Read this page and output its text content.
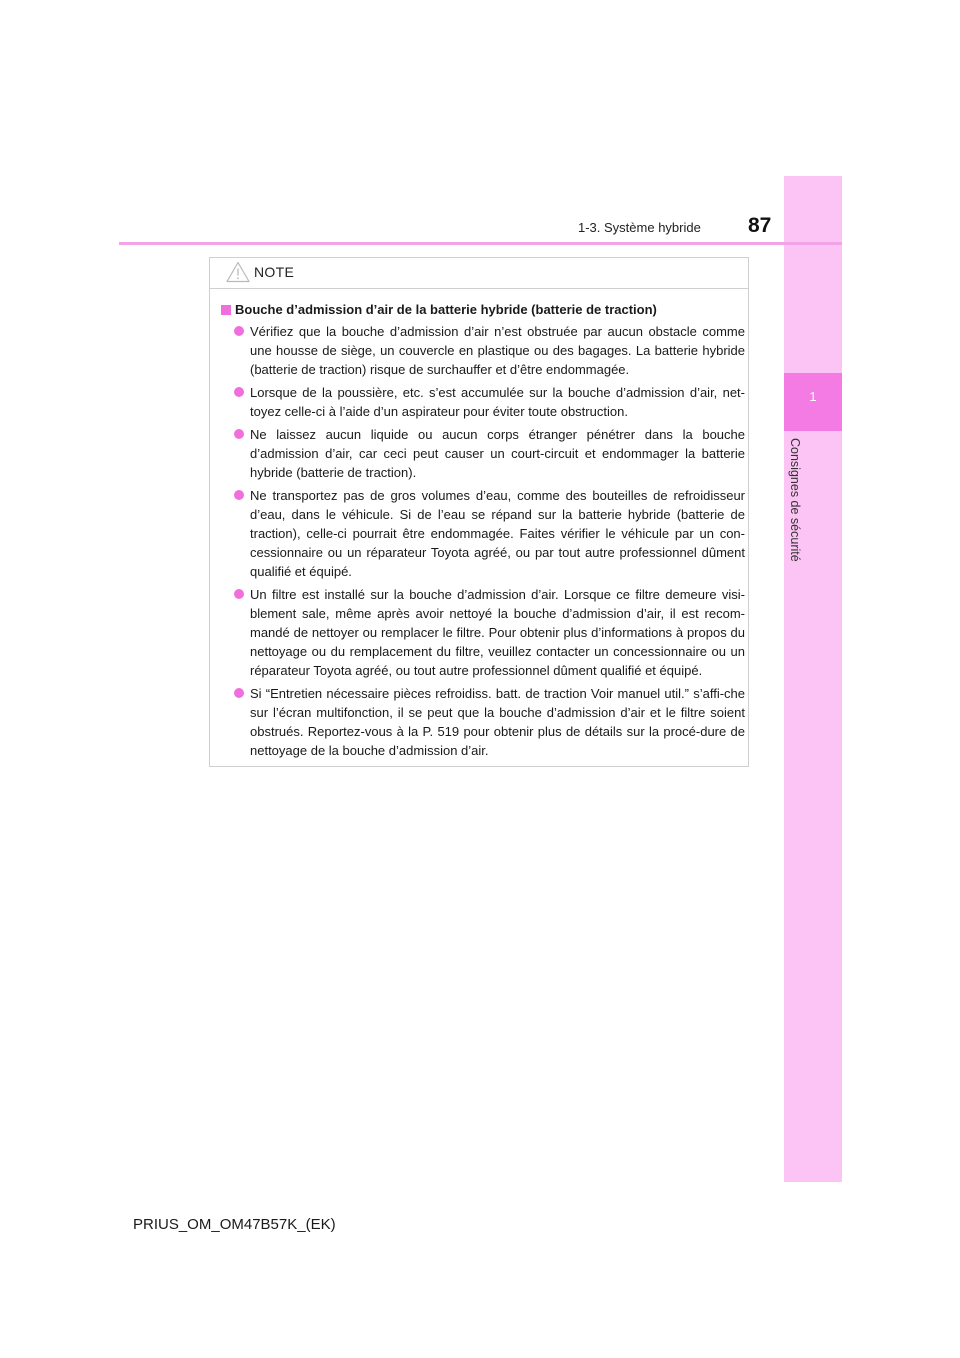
1
Consignes de sécurité
1-3. Système hybride 87
NOTE
Bouche d’admission d’air de la batterie hybride (batterie de traction)
Vérifiez que la bouche d’admission d’air n’est obstruée par aucun obstacle comme une housse de siège, un couvercle en plastique ou des bagages. La batterie hybride (batterie de traction) risque de surchauffer et d’être endommagée.
Lorsque de la poussière, etc. s’est accumulée sur la bouche d’admission d’air, net-toyez celle-ci à l’aide d’un aspirateur pour éviter toute obstruction.
Ne laissez aucun liquide ou aucun corps étranger pénétrer dans la bouche d’admission d’air, car ceci peut causer un court-circuit et endommager la batterie hybride (batterie de traction).
Ne transportez pas de gros volumes d’eau, comme des bouteilles de refroidisseur d’eau, dans le véhicule. Si de l’eau se répand sur la batterie hybride (batterie de traction), celle-ci pourrait être endommagée. Faites vérifier le véhicule par un con-cessionnaire ou un réparateur Toyota agréé, ou par tout autre professionnel dûment qualifié et équipé.
Un filtre est installé sur la bouche d’admission d’air. Lorsque ce filtre demeure visi-blement sale, même après avoir nettoyé la bouche d’admission d’air, il est recom-mandé de nettoyer ou remplacer le filtre. Pour obtenir plus d’informations à propos du nettoyage ou du remplacement du filtre, veuillez contacter un concessionnaire ou un réparateur Toyota agréé, ou tout autre professionnel dûment qualifié et équipé.
Si “Entretien nécessaire pièces refroidiss. batt. de traction Voir manuel util.” s’affi-che sur l’écran multifonction, il se peut que la bouche d’admission d’air et le filtre soient obstrués. Reportez-vous à la P. 519 pour obtenir plus de détails sur la procé-dure de nettoyage de la bouche d’admission d’air.
PRIUS_OM_OM47B57K_(EK)
